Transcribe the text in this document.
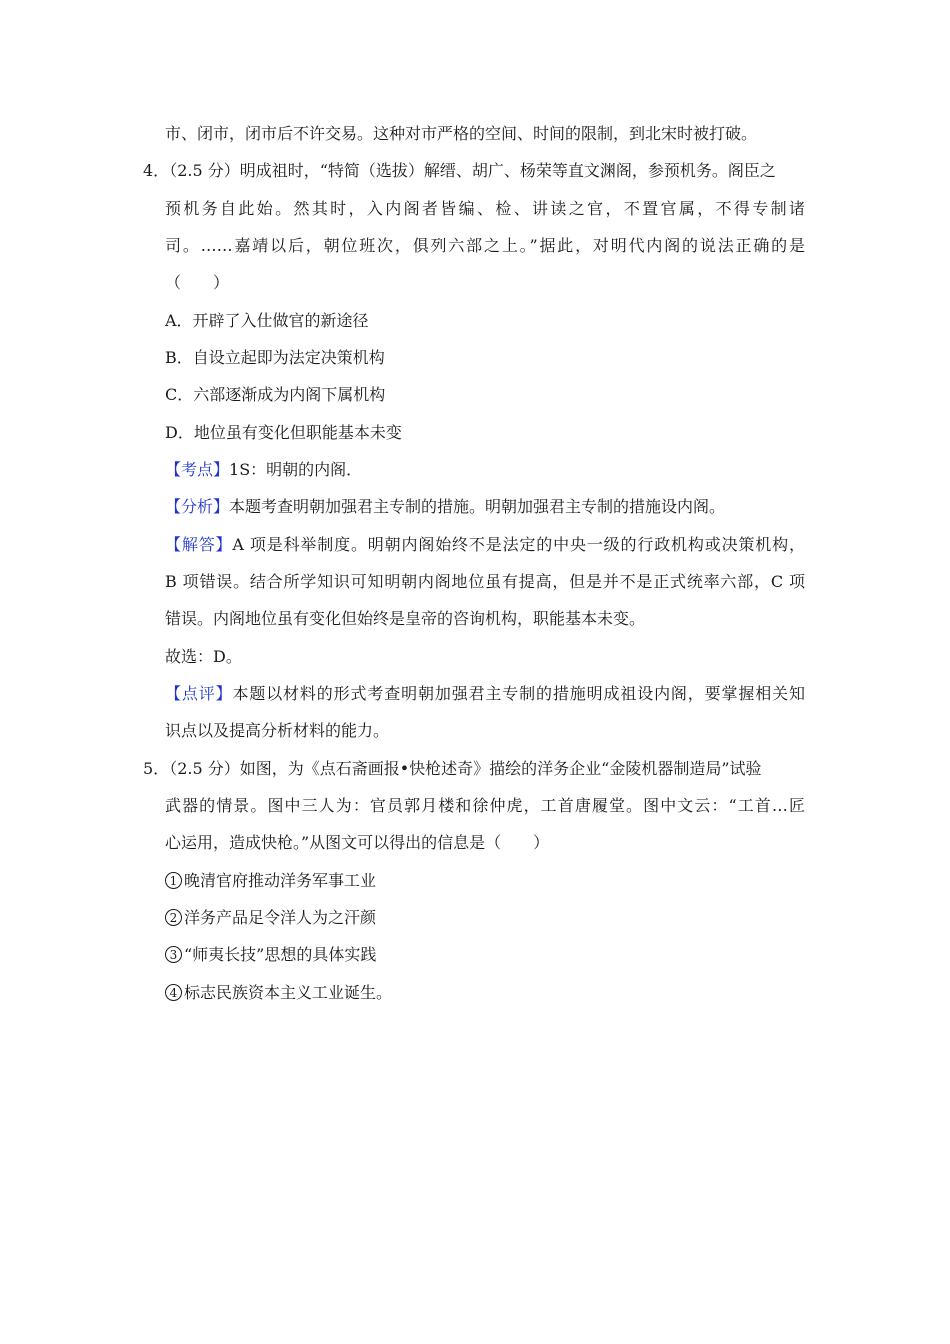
市、闭市，闭市后不许交易。这种对市严格的空间、时间的限制，到北宋时被打破。
4．（2.5 分）明成祖时，“特简（选拔）解缙、胡广、杨荣等直文渊阁，参预机务。阁臣之
预机务自此始。然其时，入内阁者皆编、检、讲读之官，不置官属，不得专制诸
司。……嘉靖以后，朝位班次，俱列六部之上。”据此，对明代内阁的说法正确的是
（　　）
A．开辟了入仕做官的新途径
B．自设立起即为法定决策机构
C．六部逐渐成为内阁下属机构
D．地位虽有变化但职能基本未变
【考点】1S：明朝的内阁．
【分析】本题考查明朝加强君主专制的措施。明朝加强君主专制的措施设内阁。
【解答】A 项是科举制度。明朝内阁始终不是法定的中央一级的行政机构或决策机构，
B 项错误。结合所学知识可知明朝内阁地位虽有提高，但是并不是正式统率六部，C 项
错误。内阁地位虽有变化但始终是皇帝的咨询机构，职能基本未变。
故选：D。
【点评】本题以材料的形式考查明朝加强君主专制的措施明成祖设内阁，要掌握相关知
识点以及提高分析材料的能力。
5．（2.5 分）如图，为《点石斋画报•快枪述奇》描绘的洋务企业“金陵机器制造局”试验
武器的情景。图中三人为：官员郭月楼和徐仲虎，工首唐履堂。图中文云：“工首…匠
心运用，造成快枪。”从图文可以得出的信息是（　　）
1 晚清官府推动洋务军事工业
2 洋务产品足令洋人为之汗颜
3 “师夷长技”思想的具体实践
4 标志民族资本主义工业诞生。
